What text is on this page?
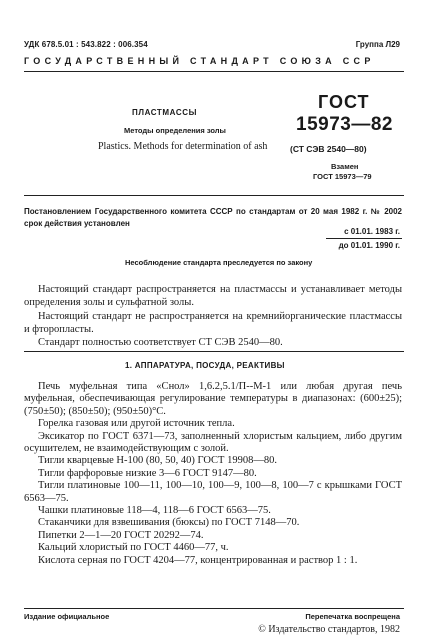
УДК 678.5.01 : 543.822 : 006.354	Группа Л29
ГОСУДАРСТВЕННЫЙ СТАНДАРТ СОЮЗА ССР
ПЛАСТМАССЫ
Методы определения золы
Plastics. Methods for determination of ash
ГОСТ
15973—82
(СТ СЭВ 2540—80)
Взамен
ГОСТ 15973—79
Постановлением Государственного комитета СССР по стандартам от 20 мая 1982 г. № 2002 срок действия установлен
с 01.01. 1983 г.
до 01.01. 1990 г.
Несоблюдение стандарта преследуется по закону
Настоящий стандарт распространяется на пластмассы и устанавливает методы определения золы и сульфатной золы.
Настоящий стандарт не распространяется на кремнийорганические пластмассы и фторопласты.
Стандарт полностью соответствует СТ СЭВ 2540—80.
1. АППАРАТУРА, ПОСУДА, РЕАКТИВЫ
Печь муфельная типа «Снол» 1,6.2,5.1/П‑‑М‑1 или любая другая печь муфельная, обеспечивающая регулирование температуры в диапазонах: (600±25); (750±50); (850±50); (950±50)°С.
Горелка газовая или другой источник тепла.
Эксикатор по ГОСТ 6371—73, заполненный хлористым кальцием, либо другим осушителем, не взаимодействующим с золой.
Тигли кварцевые Н-100 (80, 50, 40) ГОСТ 19908—80.
Тигли фарфоровые низкие 3—6 ГОСТ 9147—80.
Тигли платиновые 100—11, 100—10, 100—9, 100—8, 100—7 с крышками ГОСТ 6563—75.
Чашки платиновые 118—4, 118—6 ГОСТ 6563—75.
Стаканчики для взвешивания (бюксы) по ГОСТ 7148—70.
Пипетки 2—1—20 ГОСТ 20292—74.
Кальций хлористый по ГОСТ 4460—77, ч.
Кислота серная по ГОСТ 4204—77, концентрированная и раствор 1 : 1.
Издание официальное	Перепечатка воспрещена
© Издательство стандартов, 1982
